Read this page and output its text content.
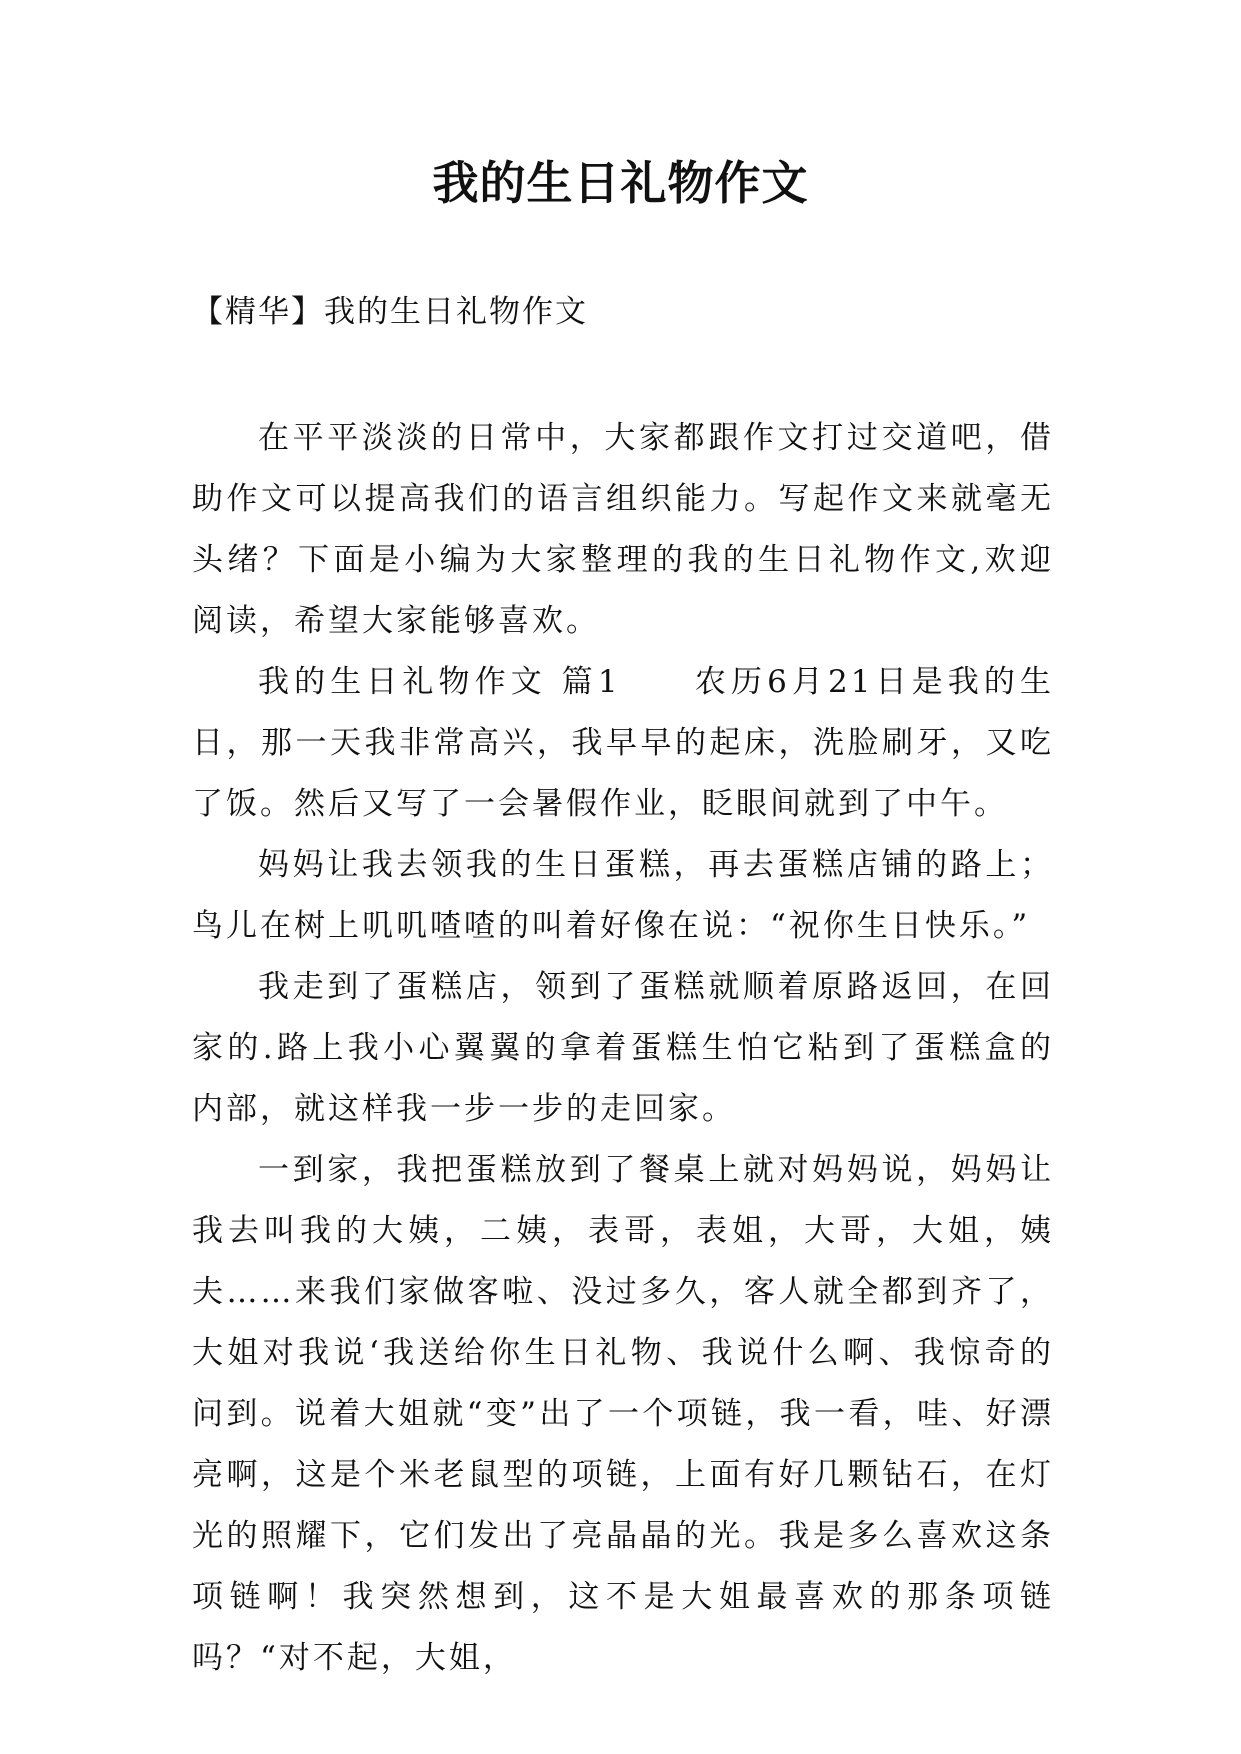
我的生日礼物作文

【精华】我的生日礼物作文

在平平淡淡的日常中，大家都跟作文打过交道吧，借助作文可以提高我们的语言组织能力。写起作文来就毫无头绪？下面是小编为大家整理的我的生日礼物作文,欢迎阅读，希望大家能够喜欢。

我的生日礼物作文 篇1　　农历6月21日是我的生日，那一天我非常高兴，我早早的起床，洗脸刷牙，又吃了饭。然后又写了一会暑假作业，眨眼间就到了中午。

妈妈让我去领我的生日蛋糕，再去蛋糕店铺的路上；鸟儿在树上叽叽喳喳的叫着好像在说：“祝你生日快乐。”

我走到了蛋糕店，领到了蛋糕就顺着原路返回，在回家的.路上我小心翼翼的拿着蛋糕生怕它粘到了蛋糕盒的内部，就这样我一步一步的走回家。

一到家，我把蛋糕放到了餐桌上就对妈妈说，妈妈让我去叫我的大姨，二姨，表哥，表姐，大哥，大姐，姨夫……来我们家做客啦、没过多久，客人就全都到齐了，大姐对我说‘我送给你生日礼物、我说什么啊、我惊奇的问到。说着大姐就“变”出了一个项链，我一看，哇、好漂亮啊，这是个米老鼠型的项链，上面有好几颗钻石，在灯光的照耀下，它们发出了亮晶晶的光。我是多么喜欢这条项链啊！我突然想到，这不是大姐最喜欢的那条项链吗？“对不起，大姐，
